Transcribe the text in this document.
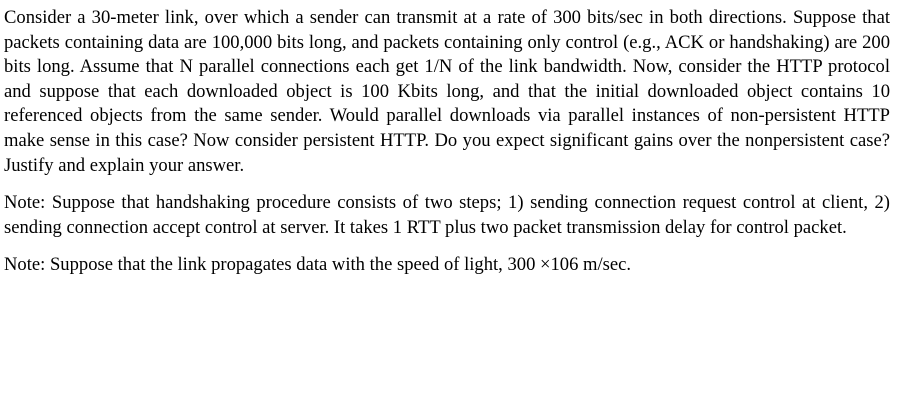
Consider a 30-meter link, over which a sender can transmit at a rate of 300 bits/sec in both directions. Suppose that packets containing data are 100,000 bits long, and packets containing only control (e.g., ACK or handshaking) are 200 bits long. Assume that N parallel connections each get 1/N of the link bandwidth. Now, consider the HTTP protocol and suppose that each downloaded object is 100 Kbits long, and that the initial downloaded object contains 10 referenced objects from the same sender. Would parallel downloads via parallel instances of non-persistent HTTP make sense in this case? Now consider persistent HTTP. Do you expect significant gains over the nonpersistent case? Justify and explain your answer.

Note: Suppose that handshaking procedure consists of two steps; 1) sending connection request control at client, 2) sending connection accept control at server. It takes 1 RTT plus two packet transmission delay for control packet.

Note: Suppose that the link propagates data with the speed of light, 300 ×106 m/sec.
